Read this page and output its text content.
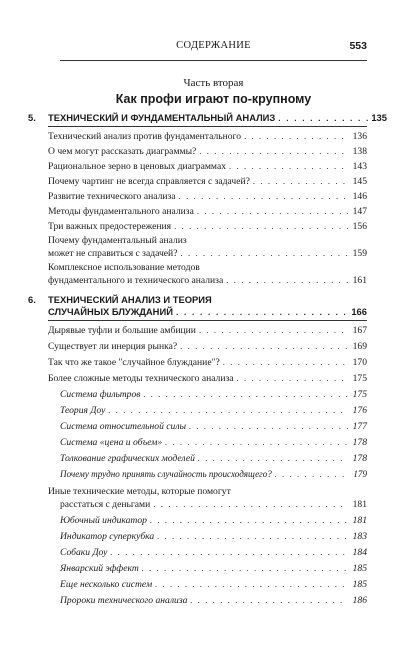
СОДЕРЖАНИЕ	553
Часть вторая
Как профи играют по-крупному
5. ТЕХНИЧЕСКИЙ И ФУНДАМЕНТАЛЬНЫЙ АНАЛИЗ . . .	135
Технический анализ против фундаментального . . .	136
О чем могут рассказать диаграммы? . . .	138
Рациональное зерно в ценовых диаграммах . . .	143
Почему чартинг не всегда справляется с задачей? . . .	145
Развитие технического анализа . . .	146
Методы фундаментального анализа . . .	147
Три важных предостережения . . .	156
Почему фундаментальный анализ
может не справиться с задачей? . . .	159
Комплексное использование методов
фундаментального и технического анализа . . .	161
6. ТЕХНИЧЕСКИЙ АНАЛИЗ И ТЕОРИЯ
СЛУЧАЙНЫХ БЛУЖДАНИЙ . . .	166
Дырявые туфли и большие амбиции . . .	167
Существует ли инерция рынка? . . .	169
Так что же такое "случайное блуждание"? . . .	170
Более сложные методы технического анализа . . .	175
Система фильтров . . .	175
Теория Доу . . .	176
Система относительной силы . . .	177
Система «цена и объем» . . .	178
Толкование графических моделей . . .	178
Почему трудно принять случайность происходящего? . . .	179
Иные технические методы, которые помогут
расстаться с деньгами . . .	181
Юбочный индикатор . . .	181
Индикатор суперкубка . . .	183
Собаки Доу . . .	184
Январский эффект . . .	185
Еще несколько систем . . .	185
Пророки технического анализа . . .	186
